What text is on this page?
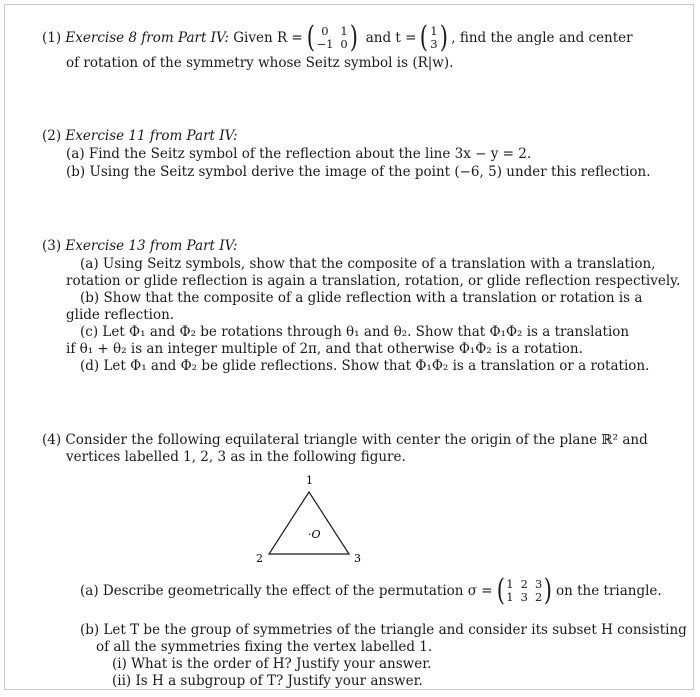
(1)
Exercise 8 from Part IV:
Given R = ( 0	1
−1 0 )
and t = ( 1
3 ) , find the angle and center
of rotation of the symmetry whose Seitz symbol is (R|w).
(2) Exercise 11 from Part IV:
(a) Find the Seitz symbol of the reflection about the line 3x − y = 2.
(b) Using the Seitz symbol derive the image of the point (−6, 5) under this reflection.
(3) Exercise 13 from Part IV:
(a) Using Seitz symbols, show that the composite of a translation with a translation,
rotation or glide reflection is again a translation, rotation, or glide reflection respectively.
(b) Show that the composite of a glide reflection with a translation or rotation is a
glide reflection.
(c) Let Φ₁ and Φ₂ be rotations through θ₁ and θ₂. Show that Φ₁Φ₂ is a translation
if θ₁ + θ₂ is an integer multiple of 2π, and that otherwise Φ₁Φ₂ is a rotation.
(d) Let Φ₁ and Φ₂ be glide reflections. Show that Φ₁Φ₂ is a translation or a rotation.
(4) Consider the following equilateral triangle with center the origin of the plane ℝ² and
vertices labelled 1, 2, 3 as in the following figure.
1
2	3
·O
(a) Describe geometrically the effect of the permutation σ = ( 1 2 3
1 3 2 ) on the triangle.
(b) Let T be the group of symmetries of the triangle and consider its subset H consisting
of all the symmetries fixing the vertex labelled 1.
(i) What is the order of H? Justify your answer.
(ii) Is H a subgroup of T? Justify your answer.
